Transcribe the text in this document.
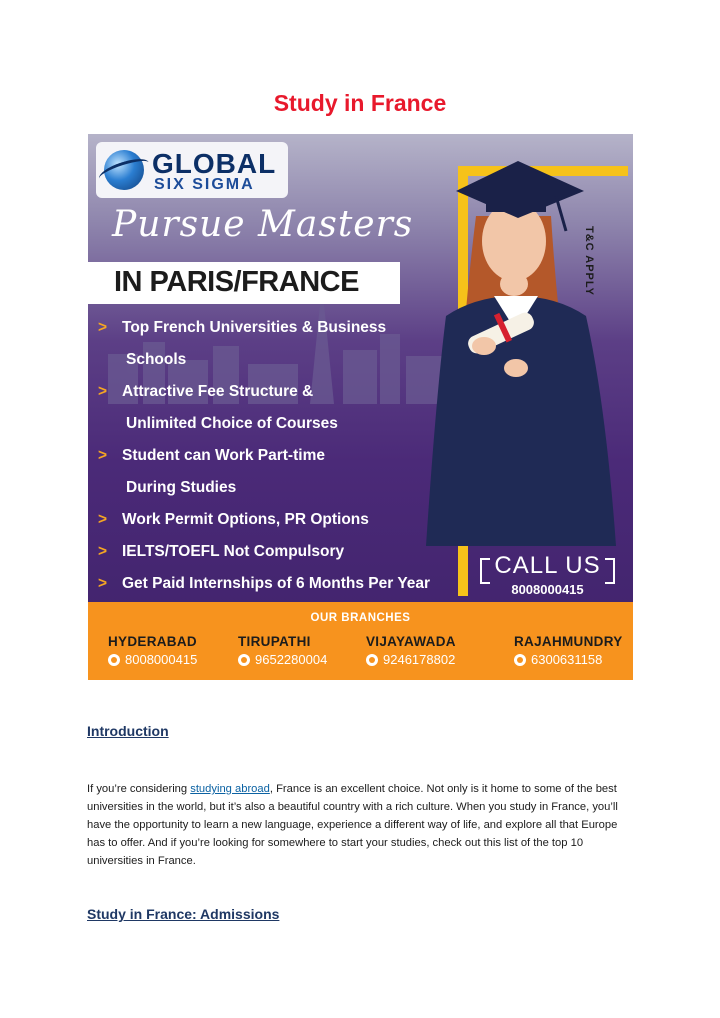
Study in France
GLOBAL
SIX SIGMA
Pursue Masters
IN PARIS/FRANCE
> Top French Universities & Business
Schools
> Attractive Fee Structure &
Unlimited Choice of Courses
> Student can Work Part-time
During Studies
> Work Permit Options, PR Options
> IELTS/TOEFL Not Compulsory
> Get Paid Internships of 6 Months Per Year
T&C APPLY
CALL US
8008000415
OUR BRANCHES
HYDERABAD
8008000415
TIRUPATHI
9652280004
VIJAYAWADA
9246178802
RAJAHMUNDRY
6300631158
Introduction
If you’re considering studying abroad, France is an excellent choice. Not only is it home to some of the best universities in the world, but it’s also a beautiful country with a rich culture. When you study in France, you’ll have the opportunity to learn a new language, experience a different way of life, and explore all that Europe has to offer. And if you’re looking for somewhere to start your studies, check out this list of the top 10 universities in France.
Study in France: Admissions
